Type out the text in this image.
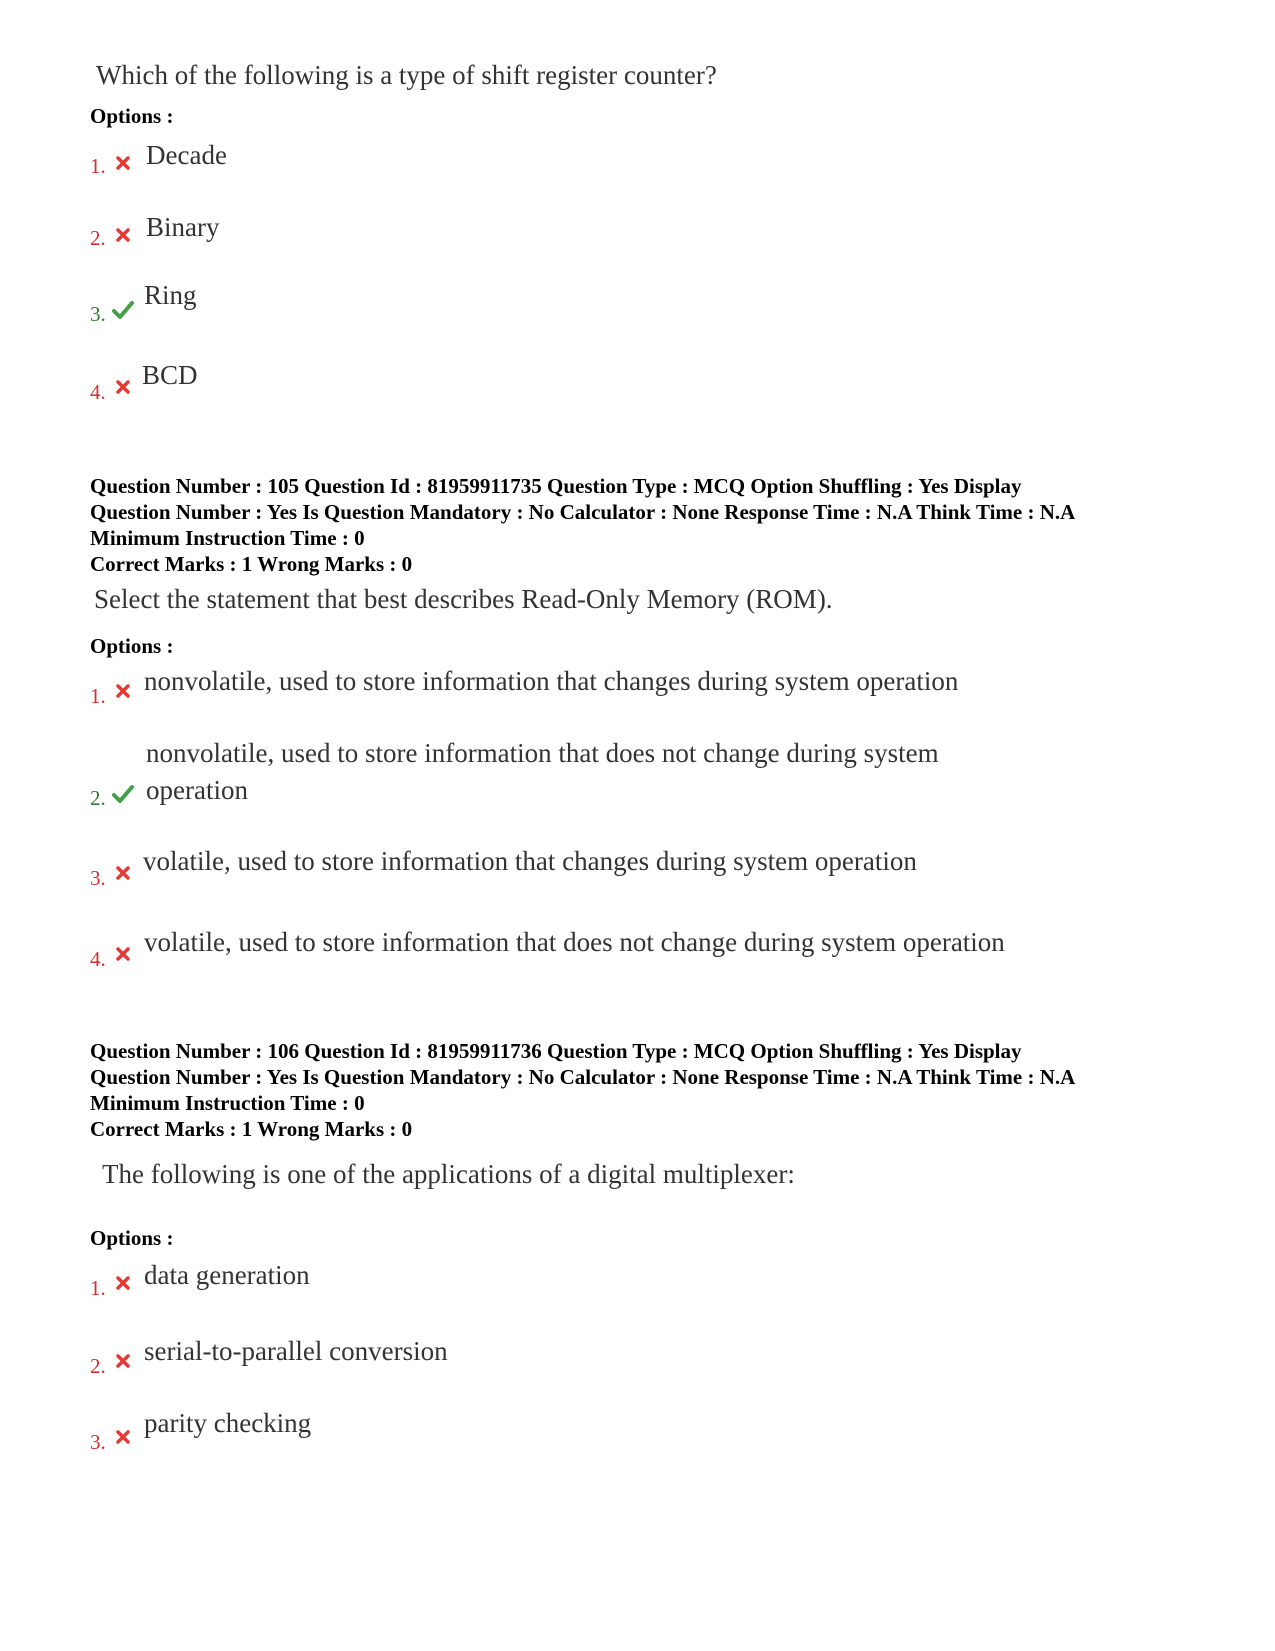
Which of the following is a type of shift register counter?
Options :
1. Decade
2. Binary
3.
Ring
4.
BCD
Question Number : 105 Question Id : 81959911735 Question Type : MCQ Option Shuffling : Yes Display
Question Number : Yes Is Question Mandatory : No Calculator : None Response Time : N.A Think Time : N.A
Minimum Instruction Time : 0
Correct Marks : 1 Wrong Marks : 0
Select the statement that best describes Read-Only Memory (ROM).
Options :
1. nonvolatile, used to store information that changes during system operation
nonvolatile, used to store information that does not change during system
2. operation
3.
volatile, used to store information that changes during system operation
4.
volatile, used to store information that does not change during system operation
Question Number : 106 Question Id : 81959911736 Question Type : MCQ Option Shuffling : Yes Display
Question Number : Yes Is Question Mandatory : No Calculator : None Response Time : N.A Think Time : N.A
Minimum Instruction Time : 0
Correct Marks : 1 Wrong Marks : 0
The following is one of the applications of a digital multiplexer:
Options :
1. data generation
2. serial-to-parallel conversion
3.
parity checking
